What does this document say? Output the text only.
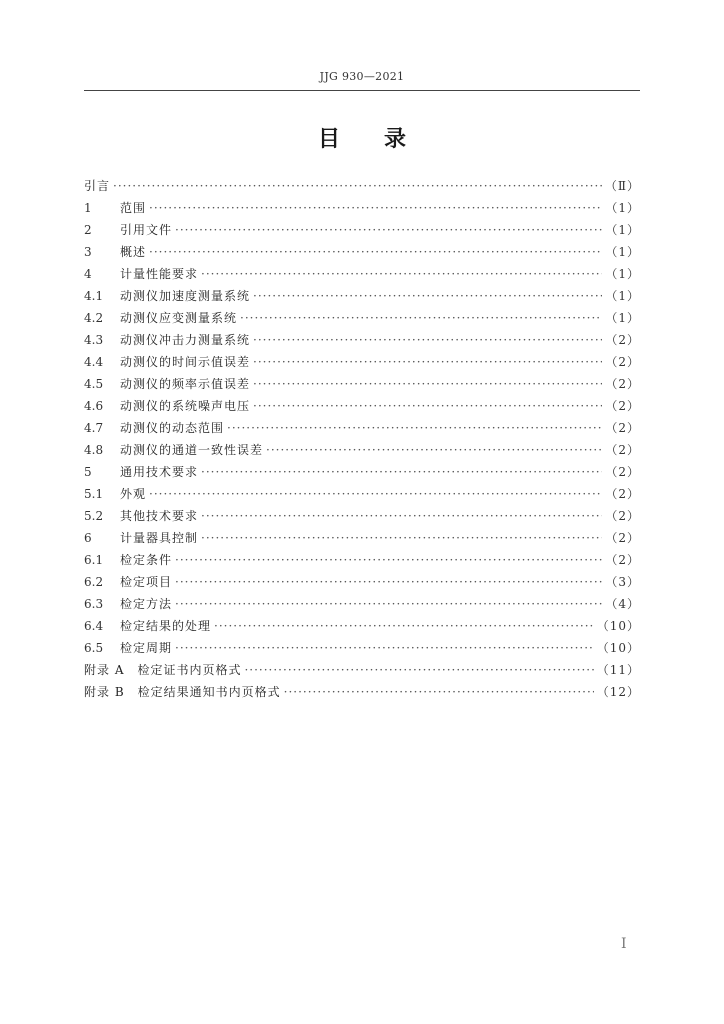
JJG 930—2021
目 录
引言 ·····	（Ⅱ）
1	范围 ·····	（1）
2	引用文件 ·····	（1）
3	概述 ·····	（1）
4	计量性能要求 ·····	（1）
4.1	动测仪加速度测量系统 ·····	（1）
4.2	动测仪应变测量系统 ·····	（1）
4.3	动测仪冲击力测量系统 ·····	（2）
4.4	动测仪的时间示值误差 ·····	（2）
4.5	动测仪的频率示值误差 ·····	（2）
4.6	动测仪的系统噪声电压 ·····	（2）
4.7	动测仪的动态范围 ·····	（2）
4.8	动测仪的通道一致性误差 ·····	（2）
5	通用技术要求 ·····	（2）
5.1	外观 ·····	（2）
5.2	其他技术要求 ·····	（2）
6	计量器具控制 ·····	（2）
6.1	检定条件 ·····	（2）
6.2	检定项目 ·····	（3）
6.3	检定方法 ·····	（4）
6.4	检定结果的处理 ·····	（10）
6.5	检定周期 ·····	（10）
附录 A　检定证书内页格式 ·····	（11）
附录 B　检定结果通知书内页格式 ·····	（12）
I
